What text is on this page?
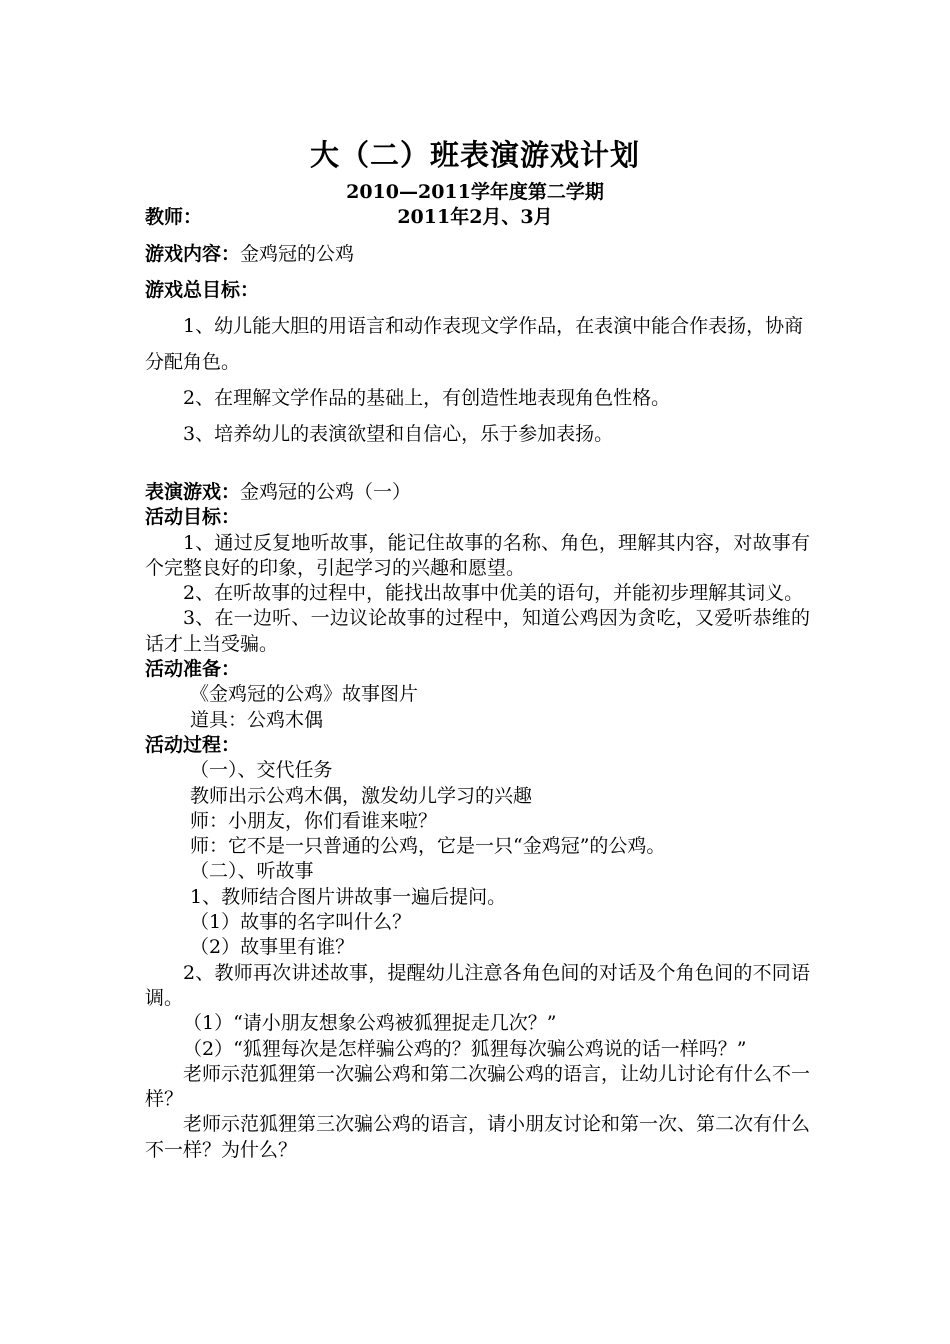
大（二）班表演游戏计划
2010—2011学年度第二学期
教师：	2011年2月、3月
游戏内容：金鸡冠的公鸡
游戏总目标：
1、幼儿能大胆的用语言和动作表现文学作品，在表演中能合作表扬，协商分配角色。
2、在理解文学作品的基础上，有创造性地表现角色性格。
3、培养幼儿的表演欲望和自信心，乐于参加表扬。
表演游戏：金鸡冠的公鸡（一）
活动目标：
1、通过反复地听故事，能记住故事的名称、角色，理解其内容，对故事有个完整良好的印象，引起学习的兴趣和愿望。
2、在听故事的过程中，能找出故事中优美的语句，并能初步理解其词义。
3、在一边听、一边议论故事的过程中，知道公鸡因为贪吃，又爱听恭维的话才上当受骗。
活动准备：
《金鸡冠的公鸡》故事图片
道具：公鸡木偶
活动过程：
（一）、交代任务
教师出示公鸡木偶，激发幼儿学习的兴趣
师：小朋友，你们看谁来啦？
师：它不是一只普通的公鸡，它是一只“金鸡冠”的公鸡。
（二）、听故事
1、教师结合图片讲故事一遍后提问。
（1）故事的名字叫什么？
（2）故事里有谁？
2、教师再次讲述故事，提醒幼儿注意各角色间的对话及个角色间的不同语调。
（1）“请小朋友想象公鸡被狐狸捉走几次？”
（2）“狐狸每次是怎样骗公鸡的？狐狸每次骗公鸡说的话一样吗？”
老师示范狐狸第一次骗公鸡和第二次骗公鸡的语言，让幼儿讨论有什么不一样？
老师示范狐狸第三次骗公鸡的语言，请小朋友讨论和第一次、第二次有什么不一样？为什么？
